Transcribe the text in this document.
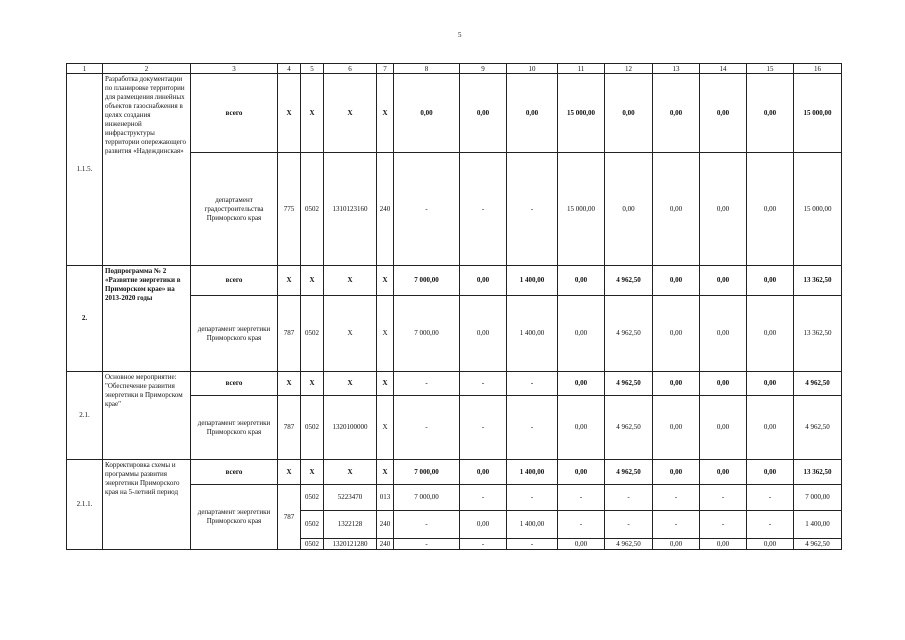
5
1	2	3	4	5	6	7	8	9	10	11	12	13	14	15	16
1.1.5.	Разработка документации по планировке территории для размещения линейных объектов газоснабжения в целях создания инженерной инфраструктуры территории опережающего развития «Надеждинская»	всего	Х	Х	Х	Х	0,00	0,00	0,00	15 000,00	0,00	0,00	0,00	0,00	15 000,00
		департамент градостроительства Приморского края	775	0502	1310123160	240	-	-	-	15 000,00	0,00	0,00	0,00	0,00	15 000,00
2.	Подпрограмма № 2 «Развитие энергетики в Приморском крае» на 2013-2020 годы	всего	Х	Х	Х	Х	7 000,00	0,00	1 400,00	0,00	4 962,50	0,00	0,00	0,00	13 362,50
		департамент энергетики Приморского края	787	0502	Х	Х	7 000,00	0,00	1 400,00	0,00	4 962,50	0,00	0,00	0,00	13 362,50
2.1.	Основное мероприятие: "Обеспечение развития энергетики в Приморском крае"	всего	Х	Х	Х	Х	-	-	-	0,00	4 962,50	0,00	0,00	0,00	4 962,50
		департамент энергетики Приморского края	787	0502	1320100000	Х	-	-	-	0,00	4 962,50	0,00	0,00	0,00	4 962,50
2.1.1.	Корректировка схемы и программы развития энергетики Приморского края на 5-летний период	всего	Х	Х	Х	Х	7 000,00	0,00	1 400,00	0,00	4 962,50	0,00	0,00	0,00	13 362,50
		департамент энергетики Приморского края	787	0502	5223470	013	7 000,00	-	-	-	-	-	-	-	7 000,00
				0502	1322128	240	-	0,00	1 400,00	-	-	-	-	-	1 400,00
				0502	1320121280	240	-	-	-	0,00	4 962,50	0,00	0,00	0,00	4 962,50
